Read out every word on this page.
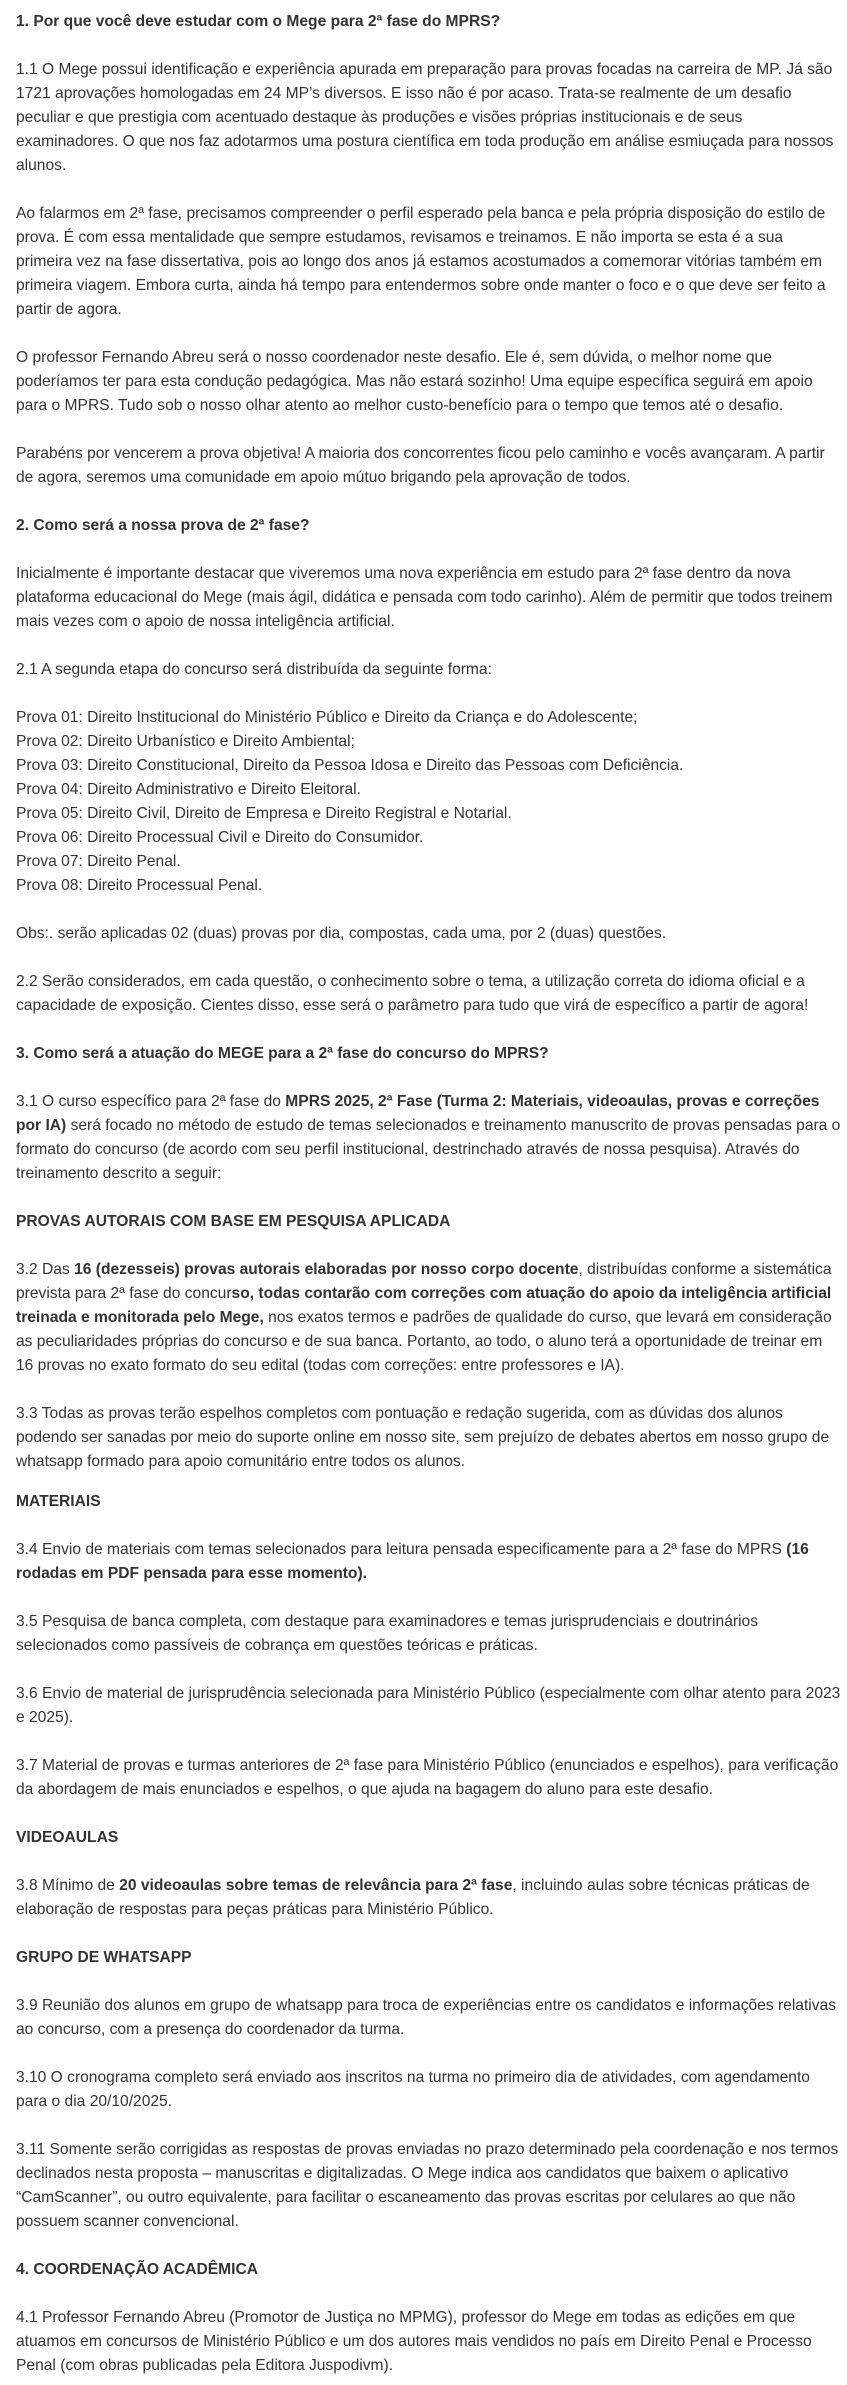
1. Por que você deve estudar com o Mege para 2ª fase do MPRS?

1.1 O Mege possui identificação e experiência apurada em preparação para provas focadas na carreira de MP. Já são 1721 aprovações homologadas em 24 MP’s diversos. E isso não é por acaso. Trata-se realmente de um desafio peculiar e que prestigia com acentuado destaque às produções e visões próprias institucionais e de seus examinadores. O que nos faz adotarmos uma postura científica em toda produção em análise esmiuçada para nossos alunos.

Ao falarmos em 2ª fase, precisamos compreender o perfil esperado pela banca e pela própria disposição do estilo de prova. É com essa mentalidade que sempre estudamos, revisamos e treinamos. E não importa se esta é a sua primeira vez na fase dissertativa, pois ao longo dos anos já estamos acostumados a comemorar vitórias também em primeira viagem. Embora curta, ainda há tempo para entendermos sobre onde manter o foco e o que deve ser feito a partir de agora.

O professor Fernando Abreu será o nosso coordenador neste desafio. Ele é, sem dúvida, o melhor nome que poderíamos ter para esta condução pedagógica. Mas não estará sozinho! Uma equipe específica seguirá em apoio para o MPRS. Tudo sob o nosso olhar atento ao melhor custo-benefício para o tempo que temos até o desafio.

Parabéns por vencerem a prova objetiva! A maioria dos concorrentes ficou pelo caminho e vocês avançaram. A partir de agora, seremos uma comunidade em apoio mútuo brigando pela aprovação de todos.

2. Como será a nossa prova de 2ª fase?

Inicialmente é importante destacar que viveremos uma nova experiência em estudo para 2ª fase dentro da nova plataforma educacional do Mege (mais ágil, didática e pensada com todo carinho). Além de permitir que todos treinem mais vezes com o apoio de nossa inteligência artificial.

2.1 A segunda etapa do concurso será distribuída da seguinte forma:

Prova 01: Direito Institucional do Ministério Público e Direito da Criança e do Adolescente;
Prova 02: Direito Urbanístico e Direito Ambiental;
Prova 03: Direito Constitucional, Direito da Pessoa Idosa e Direito das Pessoas com Deficiência.
Prova 04: Direito Administrativo e Direito Eleitoral.
Prova 05: Direito Civil, Direito de Empresa e Direito Registral e Notarial.
Prova 06: Direito Processual Civil e Direito do Consumidor.
Prova 07: Direito Penal.
Prova 08: Direito Processual Penal.

Obs:. serão aplicadas 02 (duas) provas por dia, compostas, cada uma, por 2 (duas) questões.

2.2 Serão considerados, em cada questão, o conhecimento sobre o tema, a utilização correta do idioma oficial e a capacidade de exposição. Cientes disso, esse será o parâmetro para tudo que virá de específico a partir de agora!

3. Como será a atuação do MEGE para a 2ª fase do concurso do MPRS?

3.1 O curso específico para 2ª fase do MPRS 2025, 2ª Fase (Turma 2: Materiais, videoaulas, provas e correções por IA) será focado no método de estudo de temas selecionados e treinamento manuscrito de provas pensadas para o formato do concurso (de acordo com seu perfil institucional, destrinchado através de nossa pesquisa). Através do treinamento descrito a seguir:

PROVAS AUTORAIS COM BASE EM PESQUISA APLICADA

3.2 Das 16 (dezesseis) provas autorais elaboradas por nosso corpo docente, distribuídas conforme a sistemática prevista para 2ª fase do concurso, todas contarão com correções com atuação do apoio da inteligência artificial treinada e monitorada pelo Mege, nos exatos termos e padrões de qualidade do curso, que levará em consideração as peculiaridades próprias do concurso e de sua banca. Portanto, ao todo, o aluno terá a oportunidade de treinar em 16 provas no exato formato do seu edital (todas com correções: entre professores e IA).

3.3 Todas as provas terão espelhos completos com pontuação e redação sugerida, com as dúvidas dos alunos podendo ser sanadas por meio do suporte online em nosso site, sem prejuízo de debates abertos em nosso grupo de whatsapp formado para apoio comunitário entre todos os alunos.

MATERIAIS

3.4 Envio de materiais com temas selecionados para leitura pensada especificamente para a 2ª fase do MPRS (16 rodadas em PDF pensada para esse momento).

3.5 Pesquisa de banca completa, com destaque para examinadores e temas jurisprudenciais e doutrinários selecionados como passíveis de cobrança em questões teóricas e práticas.

3.6 Envio de material de jurisprudência selecionada para Ministério Público (especialmente com olhar atento para 2023 e 2025).

3.7 Material de provas e turmas anteriores de 2ª fase para Ministério Público (enunciados e espelhos), para verificação da abordagem de mais enunciados e espelhos, o que ajuda na bagagem do aluno para este desafio.

VIDEOAULAS

3.8 Mínimo de 20 videoaulas sobre temas de relevância para 2ª fase, incluindo aulas sobre técnicas práticas de elaboração de respostas para peças práticas para Ministério Público.

GRUPO DE WHATSAPP

3.9 Reunião dos alunos em grupo de whatsapp para troca de experiências entre os candidatos e informações relativas ao concurso, com a presença do coordenador da turma.

3.10 O cronograma completo será enviado aos inscritos na turma no primeiro dia de atividades, com agendamento para o dia 20/10/2025.

3.11 Somente serão corrigidas as respostas de provas enviadas no prazo determinado pela coordenação e nos termos declinados nesta proposta – manuscritas e digitalizadas. O Mege indica aos candidatos que baixem o aplicativo “CamScanner”, ou outro equivalente, para facilitar o escaneamento das provas escritas por celulares ao que não possuem scanner convencional.

4. COORDENAÇÃO ACADÊMICA

4.1 Professor Fernando Abreu (Promotor de Justiça no MPMG), professor do Mege em todas as edições em que atuamos em concursos de Ministério Público e um dos autores mais vendidos no país em Direito Penal e Processo Penal (com obras publicadas pela Editora Juspodivm).
